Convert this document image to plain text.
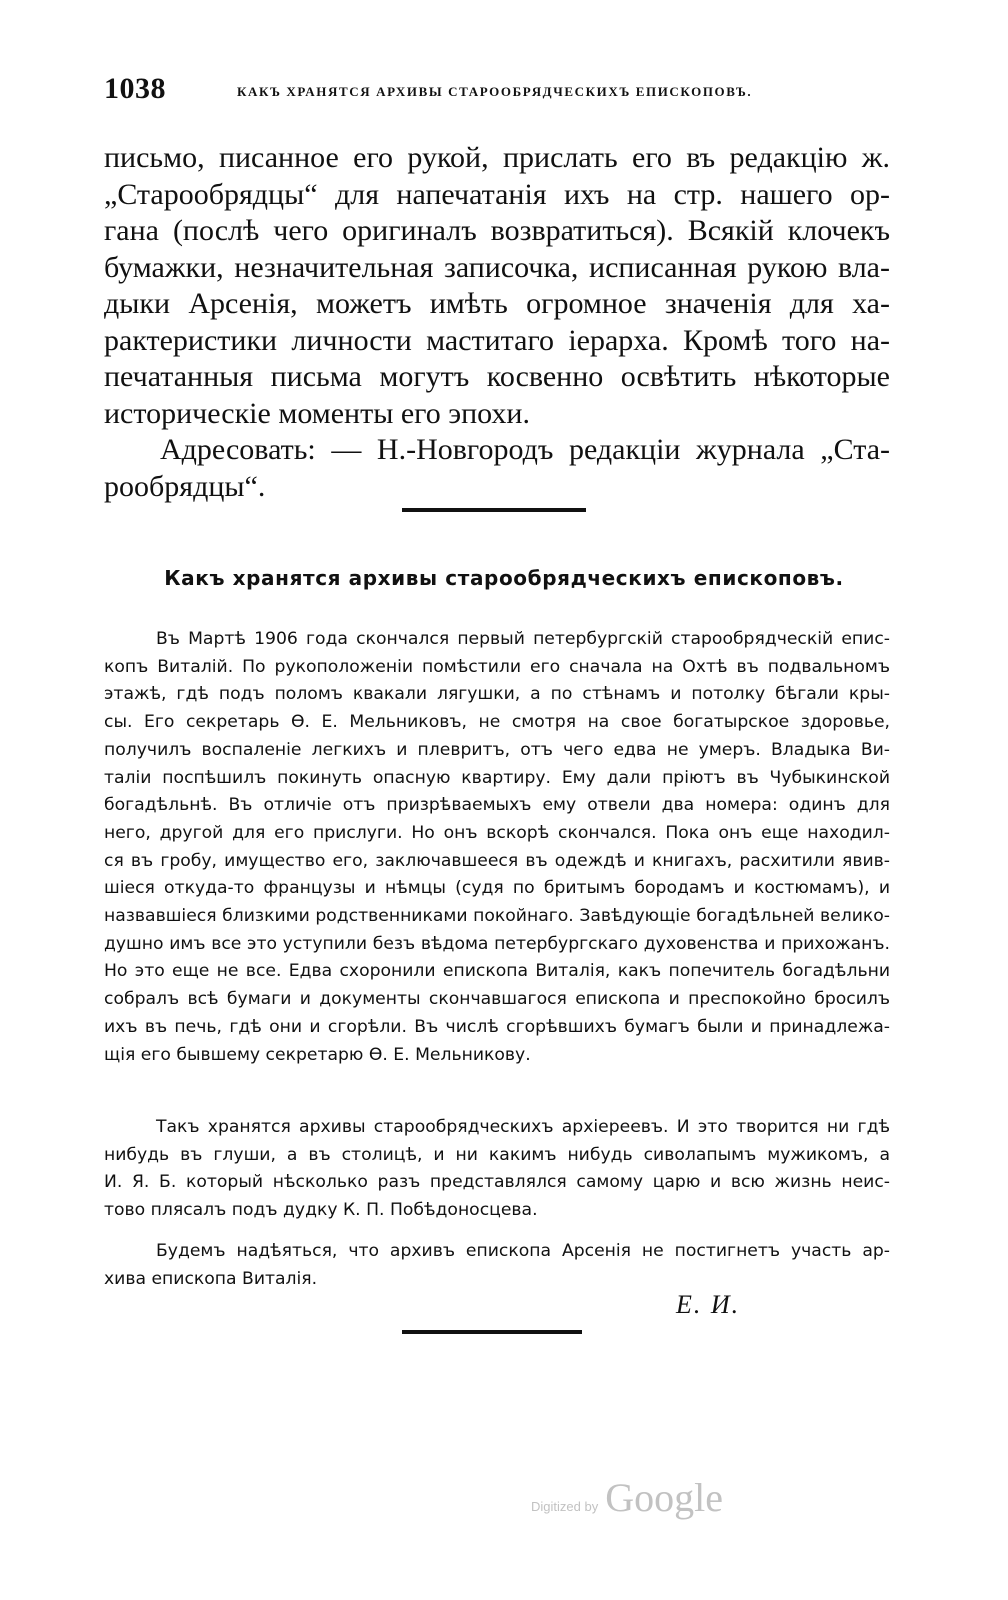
1038	КАКЪ ХРАНЯТСЯ АРХИВЫ СТАРООБРЯДЧЕСКИХЪ ЕПИСКОПОВЪ.
письмо, писанное его рукой, прислать его въ редакцію ж.
„Старообрядцы“ для напечатанія ихъ на стр. нашего ор-
гана (послѣ чего оригиналъ возвратиться). Всякій клочекъ
бумажки, незначительная записочка, исписанная рукою вла-
дыки Арсенія, можетъ имѣть огромное значенія для ха-
рактеристики личности маститаго іерарха. Кромѣ того на-
печатанныя письма могутъ косвенно освѣтить нѣкоторые
историческіе моменты его эпохи.
Адресовать: — Н.-Новгородъ редакціи журнала „Ста-
рообрядцы“.
Какъ хранятся архивы старообрядческихъ епископовъ.
Въ Мартѣ 1906 года скончался первый петербургскій старообрядческій епис-
копъ Виталій. По рукоположеніи помѣстили его сначала на Охтѣ въ подвальномъ
этажѣ, гдѣ подъ поломъ квакали лягушки, а по стѣнамъ и потолку бѣгали кры-
сы. Его секретарь Ѳ. Е. Мельниковъ, не смотря на свое богатырское здоровье,
получилъ воспаленіе легкихъ и плевритъ, отъ чего едва не умеръ. Владыка Ви-
таліи поспѣшилъ покинуть опасную квартиру. Ему дали пріютъ въ Чубыкинской
богадѣльнѣ. Въ отличіе отъ призрѣваемыхъ ему отвели два номера: одинъ для
него, другой для его прислуги. Но онъ вскорѣ скончался. Пока онъ еще находил-
ся въ гробу, имущество его, заключавшееся въ одеждѣ и книгахъ, расхитили явив-
шіеся откуда-то французы и нѣмцы (судя по бритымъ бородамъ и костюмамъ), и
назвавшіеся близкими родственниками покойнаго. Завѣдующіе богадѣльней велико-
душно имъ все это уступили безъ вѣдома петербургскаго духовенства и прихожанъ.
Но это еще не все. Едва схоронили епископа Виталія, какъ попечитель богадѣльни
собралъ всѣ бумаги и документы скончавшагося епископа и преспокойно бросилъ
ихъ въ печь, гдѣ они и сгорѣли. Въ числѣ сгорѣвшихъ бумагъ были и принадлежа-
щія его бывшему секретарю Ѳ. Е. Мельникову.
Такъ хранятся архивы старообрядческихъ архіереевъ. И это творится ни гдѣ
нибудь въ глуши, а въ столицѣ, и ни какимъ нибудь сиволапымъ мужикомъ, а
И. Я. Б. который нѣсколько разъ представлялся самому царю и всю жизнь неис-
тово плясалъ подъ дудку К. П. Побѣдоносцева.
Будемъ надѣяться, что архивъ епископа Арсенія не постигнетъ участь ар-
хива епископа Виталія.
Е. И.
Digitized by Google
